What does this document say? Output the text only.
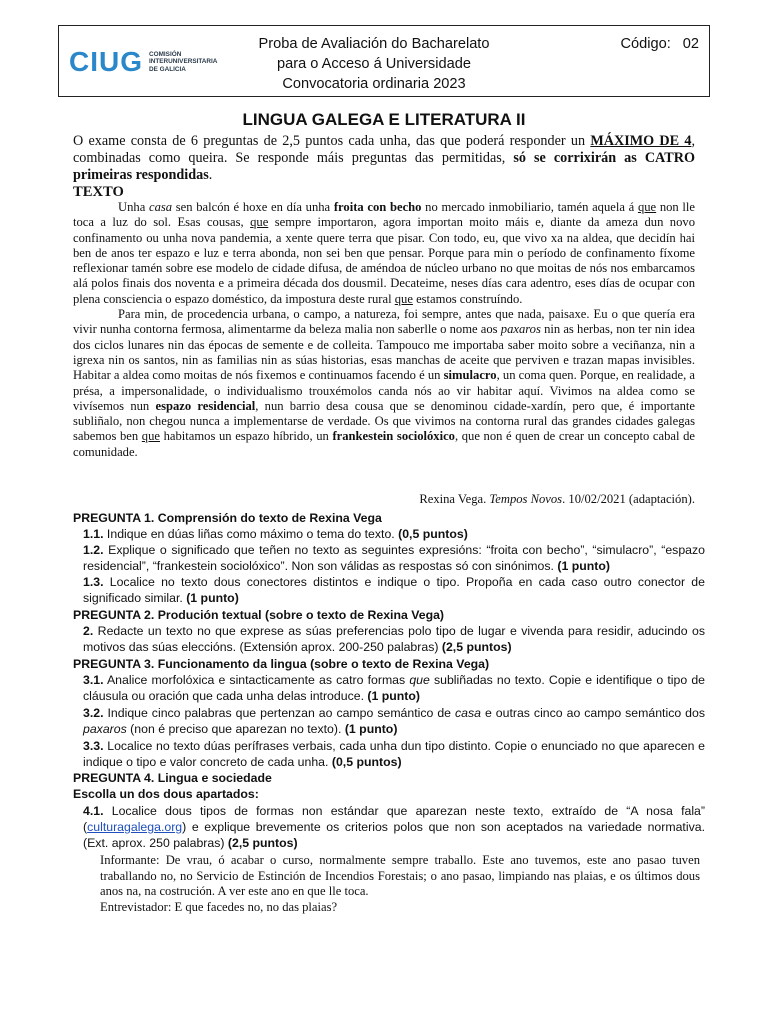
CIUG COMISIÓN
INTERUNIVERSITARIA
DE GALICIA
Proba de Avaliación do Bacharelato
para o Acceso á Universidade
Convocatoria ordinaria 2023
Código: 02
LINGUA GALEGA E LITERATURA II
O exame consta de 6 preguntas de 2,5 puntos cada unha, das que poderá responder un MÁXIMO DE 4, combinadas como queira. Se responde máis preguntas das permitidas, só se corrixirán as CATRO primeiras respondidas.
TEXTO

Unha casa sen balcón é hoxe en día unha froita con becho no mercado inmobiliario, tamén aquela á que non lle toca a luz do sol. Esas cousas, que sempre importaron, agora importan moito máis e, diante da ameza dun novo confinamento ou unha nova pandemia, a xente quere terra que pisar. Con todo, eu, que vivo xa na aldea, que decidín hai ben de anos ter espazo e luz e terra abonda, non sei ben que pensar. Porque para min o período de confinamento fíxome reflexionar tamén sobre ese modelo de cidade difusa, de améndoa de núcleo urbano no que moitas de nós nos embarcamos alá polos finais dos noventa e a primeira década dos dousmil. Decateime, neses días cara adentro, eses días de ocupar con plena consciencia o espazo doméstico, da impostura deste rural que estamos construíndo.

Para min, de procedencia urbana, o campo, a natureza, foi sempre, antes que nada, paisaxe. Eu o que quería era vivir nunha contorna fermosa, alimentarme da beleza malia non saberlle o nome aos paxaros nin as herbas, non ter nin idea dos ciclos lunares nin das épocas de semente e de colleita. Tampouco me importaba saber moito sobre a veciñanza, nin a igrexa nin os santos, nin as familias nin as súas historias, esas manchas de aceite que perviven e trazan mapas invisibles. Habitar a aldea como moitas de nós fixemos e continuamos facendo é un simulacro, un coma quen. Porque, en realidade, a présa, a impersonalidade, o individualismo trouxémolos canda nós ao vir habitar aquí. Vivimos na aldea como se vivísemos nun espazo residencial, nun barrio desa cousa que se denominou cidade-xardín, pero que, é importante subliñalo, non chegou nunca a implementarse de verdade. Os que vivimos na contorna rural das grandes cidades galegas sabemos ben que habitamos un espazo híbrido, un frankestein sociolóxico, que non é quen de crear un concepto cabal de comunidade.

Rexina Vega. Tempos Novos. 10/02/2021 (adaptación).
PREGUNTA 1. Comprensión do texto de Rexina Vega
1.1. Indique en dúas liñas como máximo o tema do texto. (0,5 puntos)
1.2. Explique o significado que teñen no texto as seguintes expresións: “froita con becho”, “simulacro”, “espazo residencial”, “frankestein sociolóxico”. Non son válidas as respostas só con sinónimos. (1 punto)
1.3. Localice no texto dous conectores distintos e indique o tipo. Propoña en cada caso outro conector de significado similar. (1 punto)
PREGUNTA 2. Produción textual (sobre o texto de Rexina Vega)
2. Redacte un texto no que exprese as súas preferencias polo tipo de lugar e vivenda para residir, aducindo os motivos das súas eleccións. (Extensión aprox. 200-250 palabras) (2,5 puntos)
PREGUNTA 3. Funcionamento da lingua (sobre o texto de Rexina Vega)
3.1. Analice morfolóxica e sintacticamente as catro formas que subliñadas no texto. Copie e identifique o tipo de cláusula ou oración que cada unha delas introduce. (1 punto)
3.2. Indique cinco palabras que pertenzan ao campo semántico de casa e outras cinco ao campo semántico dos paxaros (non é preciso que aparezan no texto). (1 punto)
3.3. Localice no texto dúas perífrases verbais, cada unha dun tipo distinto. Copie o enunciado no que aparecen e indique o tipo e valor concreto de cada unha. (0,5 puntos)
PREGUNTA 4. Lingua e sociedade
Escolla un dos dous apartados:
4.1. Localice dous tipos de formas non estándar que aparezan neste texto, extraído de “A nosa fala” (culturagalega.org) e explique brevemente os criterios polos que non son aceptados na variedade normativa. (Ext. aprox. 250 palabras) (2,5 puntos)
Informante: De vrau, ó acabar o curso, normalmente sempre traballo. Este ano tuvemos, este ano pasao tuven traballando no, no Servicio de Estinción de Incendios Forestais; o ano pasao, limpiando nas plaias, e os últimos dous anos na, na costrución. A ver este ano en que lle toca.
Entrevistador: E que facedes no, no das plaias?
